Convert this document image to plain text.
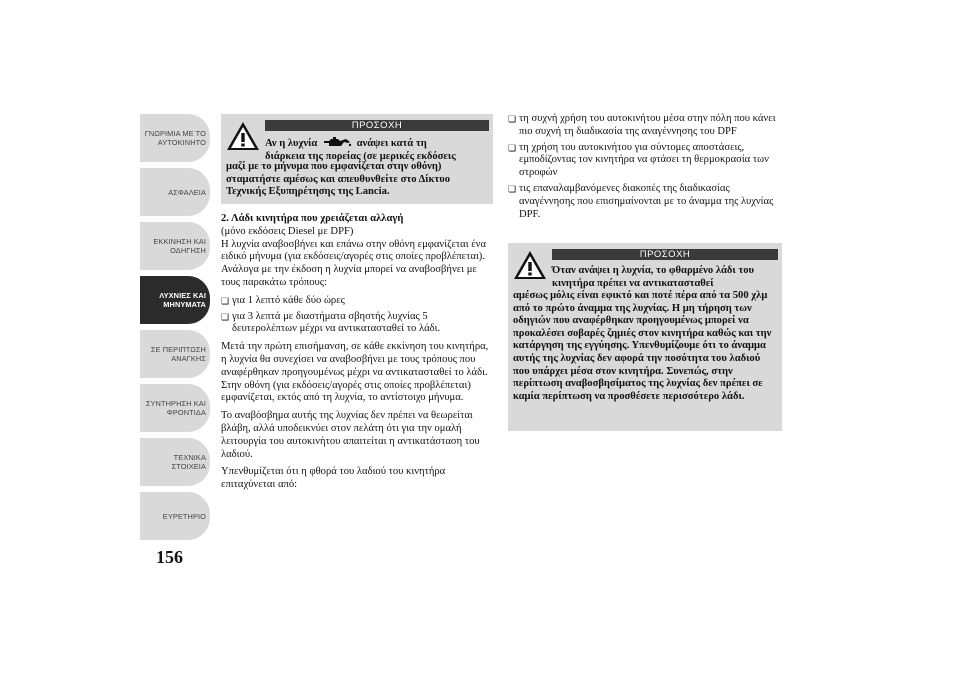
ΓΝΩΡΙΜΙΑ ΜΕ ΤΟ
ΑΥΤΟΚΙΝΗΤΟ
ΑΣΦΑΛΕΙΑ
ΕΚΚΙΝΗΣΗ ΚΑΙ
ΟΔΗΓΗΣΗ
ΛΥΧΝΙΕΣ ΚΑΙ
ΜΗΝΥΜΑΤΑ
ΣΕ ΠΕΡΙΠΤΩΣΗ
ΑΝΑΓΚΗΣ
ΣΥΝΤΗΡΗΣΗ ΚΑΙ
ΦΡΟΝΤΙΔΑ
ΤΕΧΝΙΚΑ ΣΤΟΙΧΕΙΑ
ΕΥΡΕΤΗΡΙΟ
156
ΠΡΟΣΟΧΗ
Αν η λυχνία	ανάψει κατά τη
διάρκεια της πορείας (σε μερικές εκδόσεις
μαζί με το μήνυμα που εμφανίζεται στην οθόνη) σταματήστε αμέσως και απευθυνθείτε στο Δίκτυο Τεχνικής Εξυπηρέτησης της Lancia.

2. Λάδι κινητήρα που χρειάζεται αλλαγή
(μόνο εκδόσεις Diesel με DPF)

Η λυχνία αναβοσβήνει και επάνω στην οθόνη εμφανίζεται ένα ειδικό μήνυμα (για εκδόσεις/αγορές στις οποίες προβλέπεται). Ανάλογα με την έκδοση η λυχνία μπορεί να αναβοσβήνει με τους παρακάτω τρόπους:

❏ για 1 λεπτό κάθε δύο ώρες
❏ για 3 λεπτά με διαστήματα σβηστής λυχνίας 5 δευτερολέπτων μέχρι να αντικατασταθεί το λάδι.

Μετά την πρώτη επισήμανση, σε κάθε εκκίνηση του κινητήρα, η λυχνία θα συνεχίσει να αναβοσβήνει με τους τρόπους που αναφέρθηκαν προηγουμένως μέχρι να αντικατασταθεί το λάδι. Στην οθόνη (για εκδόσεις/αγορές στις οποίες προβλέπεται) εμφανίζεται, εκτός από τη λυχνία, το αντίστοιχο μήνυμα.

Το αναβόσβημα αυτής της λυχνίας δεν πρέπει να θεωρείται βλάβη, αλλά υποδεικνύει στον πελάτη ότι για την ομαλή λειτουργία του αυτοκινήτου απαιτείται η αντικατάσταση του λαδιού.

Υπενθυμίζεται ότι η φθορά του λαδιού του κινητήρα επιταχύνεται από:

❏ τη συχνή χρήση του αυτοκινήτου μέσα στην πόλη που κάνει πιο συχνή τη διαδικασία της αναγέννησης του DPF
❏ τη χρήση του αυτοκινήτου για σύντομες αποστάσεις, εμποδίζοντας τον κινητήρα να φτάσει τη θερμοκρασία των στροφών
❏ τις επαναλαμβανόμενες διακοπές της διαδικασίας αναγέννησης που επισημαίνονται με το άναμμα της λυχνίας DPF.
ΠΡΟΣΟΧΗ
Όταν ανάψει η λυχνία, το φθαρμένο λάδι του κινητήρα πρέπει να αντικατασταθεί
αμέσως μόλις είναι εφικτό και ποτέ πέρα από τα 500 χλμ από το πρώτο άναμμα της λυχνίας. Η μη τήρηση των οδηγιών που αναφέρθηκαν προηγουμένως μπορεί να προκαλέσει σοβαρές ζημιές στον κινητήρα καθώς και την κατάργηση της εγγύησης. Υπενθυμίζουμε ότι το άναμμα αυτής της λυχνίας δεν αφορά την ποσότητα του λαδιού που υπάρχει μέσα στον κινητήρα. Συνεπώς, στην περίπτωση αναβοσβησίματος της λυχνίας δεν πρέπει σε καμία περίπτωση να προσθέσετε περισσότερο λάδι.
